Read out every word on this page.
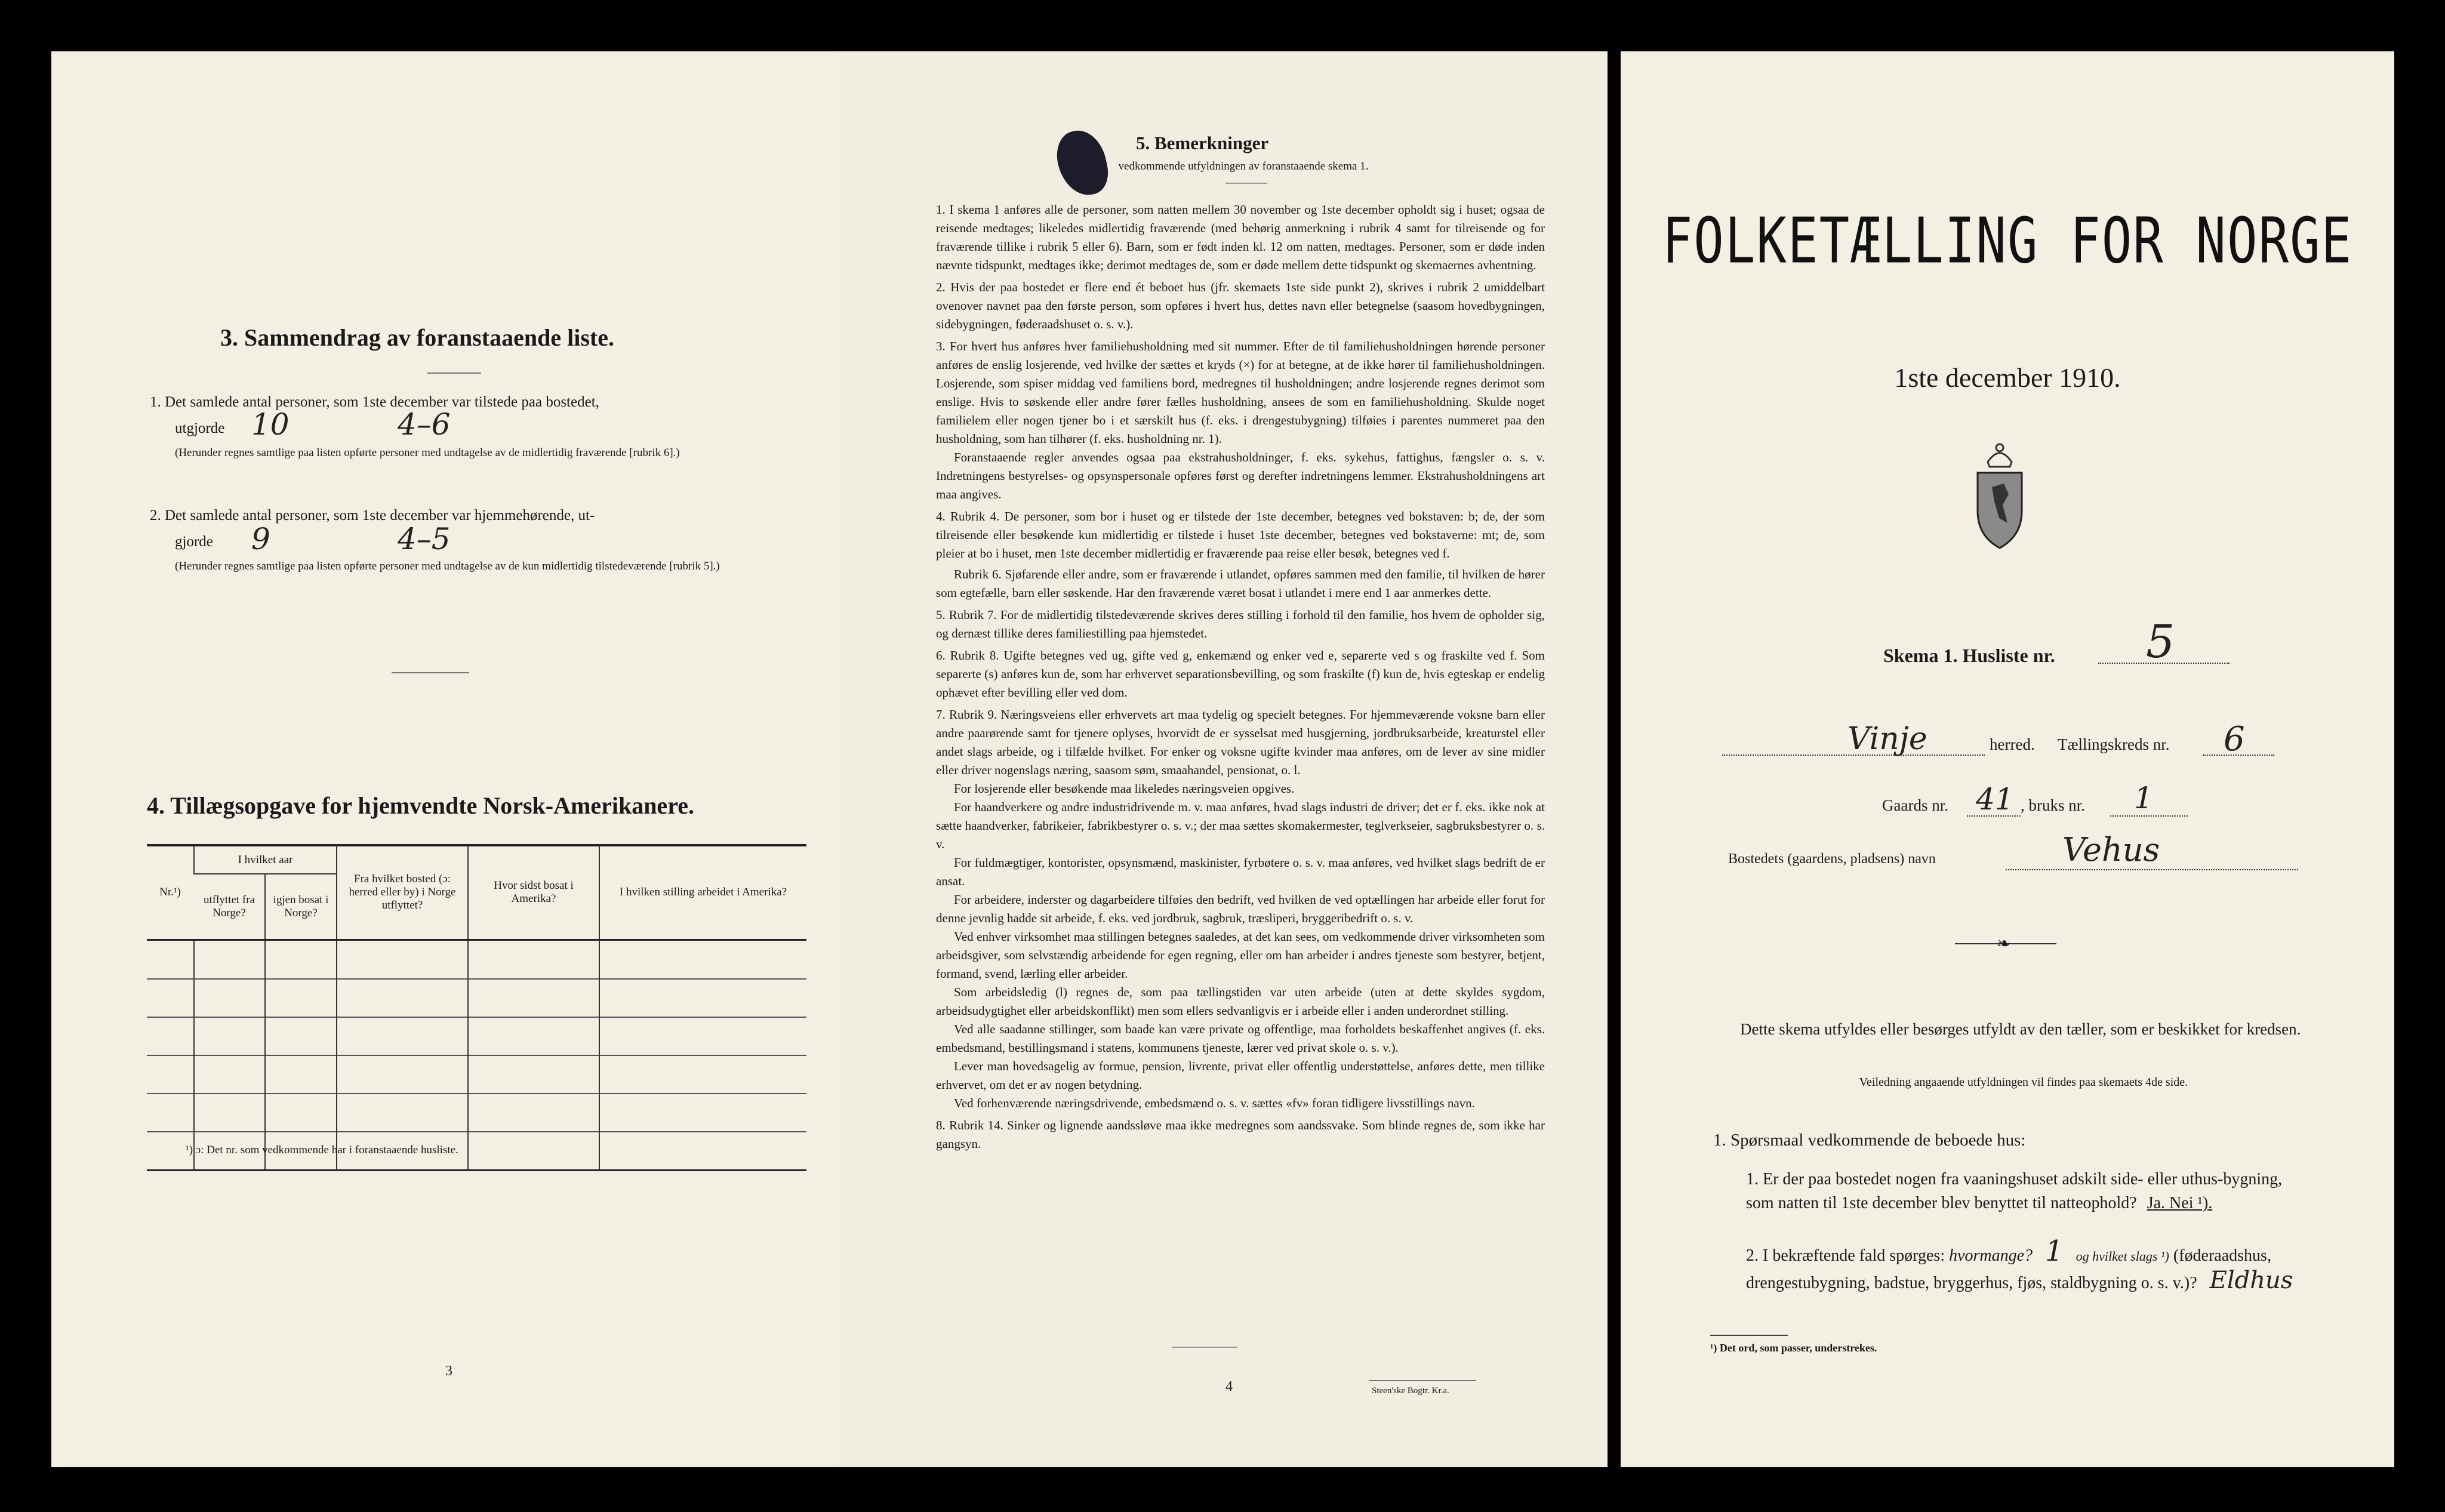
3. Sammendrag av foranstaaende liste.
1. Det samlede antal personer, som 1ste december var tilstede paa bostedet,
utgjorde 10	4–6
(Herunder regnes samtlige paa listen opførte personer med undtagelse av de midlertidig fraværende [rubrik 6].)
2. Det samlede antal personer, som 1ste december var hjemmehørende, ut-
gjorde 9	4–5
(Herunder regnes samtlige paa listen opførte personer med undtagelse av de kun midlertidig tilstedeværende [rubrik 5].)
4. Tillægsopgave for hjemvendte Norsk-Amerikanere.
Nr.¹)	I hvilket aar		Fra hvilket bosted (ɔ: herred eller by) i Norge utflyttet?	Hvor sidst bosat i Amerika?	I hvilken stilling arbeidet i Amerika?
	utflyttet fra Norge?	igjen bosat i Norge?			

¹) ɔ: Det nr. som vedkommende har i foranstaaende husliste.
3
5. Bemerkninger
vedkommende utfyldningen av foranstaaende skema 1.

1. I skema 1 anføres alle de personer, som natten mellem 30 november og 1ste december opholdt sig i huset; ogsaa de reisende medtages; likeledes midlertidig fraværende (med behørig anmerkning i rubrik 4 samt for tilreisende og for fraværende tillike i rubrik 5 eller 6). Barn, som er født inden kl. 12 om natten, medtages. Personer, som er døde inden nævnte tidspunkt, medtages ikke; derimot medtages de, som er døde mellem dette tidspunkt og skemaernes avhentning.

2. Hvis der paa bostedet er flere end ét beboet hus (jfr. skemaets 1ste side punkt 2), skrives i rubrik 2 umiddelbart ovenover navnet paa den første person, som opføres i hvert hus, dettes navn eller betegnelse (saasom hovedbygningen, sidebygningen, føderaadshuset o. s. v.).

3. For hvert hus anføres hver familiehusholdning med sit nummer. Efter de til familiehusholdningen hørende personer anføres de enslig losjerende, ved hvilke der sættes et kryds (×) for at betegne, at de ikke hører til familiehusholdningen. Losjerende, som spiser middag ved familiens bord, medregnes til husholdningen; andre losjerende regnes derimot som enslige. Hvis to søskende eller andre fører fælles husholdning, ansees de som en familiehusholdning. Skulde noget familielem eller nogen tjener bo i et særskilt hus (f. eks. i drengestubygning) tilføies i parentes nummeret paa den husholdning, som han tilhører (f. eks. husholdning nr. 1).

Foranstaaende regler anvendes ogsaa paa ekstrahusholdninger, f. eks. sykehus, fattighus, fængsler o. s. v. Indretningens bestyrelses- og opsynspersonale opføres først og derefter indretningens lemmer. Ekstrahusholdningens art maa angives.

4. Rubrik 4. De personer, som bor i huset og er tilstede der 1ste december, betegnes ved bokstaven: b; de, der som tilreisende eller besøkende kun midlertidig er tilstede i huset 1ste december, betegnes ved bokstaverne: mt; de, som pleier at bo i huset, men 1ste december midlertidig er fraværende paa reise eller besøk, betegnes ved f.

Rubrik 6. Sjøfarende eller andre, som er fraværende i utlandet, opføres sammen med den familie, til hvilken de hører som egtefælle, barn eller søskende. Har den fraværende været bosat i utlandet i mere end 1 aar anmerkes dette.

5. Rubrik 7. For de midlertidig tilstedeværende skrives deres stilling i forhold til den familie, hos hvem de opholder sig, og dernæst tillike deres familiestilling paa hjemstedet.

6. Rubrik 8. Ugifte betegnes ved ug, gifte ved g, enkemænd og enker ved e, separerte ved s og fraskilte ved f. Som separerte (s) anføres kun de, som har erhvervet separationsbevilling, og som fraskilte (f) kun de, hvis egteskap er endelig ophævet efter bevilling eller ved dom.

7. Rubrik 9. Næringsveiens eller erhvervets art maa tydelig og specielt betegnes. For hjemmeværende voksne barn eller andre paarørende samt for tjenere oplyses, hvorvidt de er sysselsat med husgjerning, jordbruksarbeide, kreaturstel eller andet slags arbeide, og i tilfælde hvilket. For enker og voksne ugifte kvinder maa anføres, om de lever av sine midler eller driver nogenslags næring, saasom søm, smaahandel, pensionat, o. l.

For losjerende eller besøkende maa likeledes næringsveien opgives.

For haandverkere og andre industridrivende m. v. maa anføres, hvad slags industri de driver; det er f. eks. ikke nok at sætte haandverker, fabrikeier, fabrikbestyrer o. s. v.; der maa sættes skomakermester, teglverkseier, sagbruksbestyrer o. s. v.

For fuldmægtiger, kontorister, opsynsmænd, maskinister, fyrbøtere o. s. v. maa anføres, ved hvilket slags bedrift de er ansat.

For arbeidere, inderster og dagarbeidere tilføies den bedrift, ved hvilken de ved optællingen har arbeide eller forut for denne jevnlig hadde sit arbeide, f. eks. ved jordbruk, sagbruk, træsliperi, bryggeribedrift o. s. v.

Ved enhver virksomhet maa stillingen betegnes saaledes, at det kan sees, om vedkommende driver virksomheten som arbeidsgiver, som selvstændig arbeidende for egen regning, eller om han arbeider i andres tjeneste som bestyrer, betjent, formand, svend, lærling eller arbeider.

Som arbeidsledig (l) regnes de, som paa tællingstiden var uten arbeide (uten at dette skyldes sygdom, arbeidsudygtighet eller arbeidskonflikt) men som ellers sedvanligvis er i arbeide eller i anden underordnet stilling.

Ved alle saadanne stillinger, som baade kan være private og offentlige, maa forholdets beskaffenhet angives (f. eks. embedsmand, bestillingsmand i statens, kommunens tjeneste, lærer ved privat skole o. s. v.).

Lever man hovedsagelig av formue, pension, livrente, privat eller offentlig understøttelse, anføres dette, men tillike erhvervet, om det er av nogen betydning.

Ved forhenværende næringsdrivende, embedsmænd o. s. v. sættes «fv» foran tidligere livsstillings navn.

8. Rubrik 14. Sinker og lignende aandssløve maa ikke medregnes som aandssvake. Som blinde regnes de, som ikke har gangsyn.

4	Steen'ske Bogtr. Kr.a.
FOLKETÆLLING FOR NORGE
1ste december 1910.
Skema 1. Husliste nr. 5
Vinje	herred. Tællingskreds nr. 6
Gaards nr. 41 , bruks nr. 1
Bostedets (gaardens, pladsens) navn	Vehus
❧
Dette skema utfyldes eller besørges utfyldt av den tæller, som er beskikket for kredsen.
Veiledning angaaende utfyldningen vil findes paa skemaets 4de side.
1. Spørsmaal vedkommende de beboede hus:
1. Er der paa bostedet nogen fra vaaningshuset adskilt side- eller uthus-bygning, som natten til 1ste december blev benyttet til natteophold? Ja. Nei ¹).
2. I bekræftende fald spørges: hvormange? 1 og hvilket slags ¹) (føderaadshus, drengestubygning, badstue, bryggerhus, fjøs, staldbygning o. s. v.)? Eldhus
¹) Det ord, som passer, understrekes.
